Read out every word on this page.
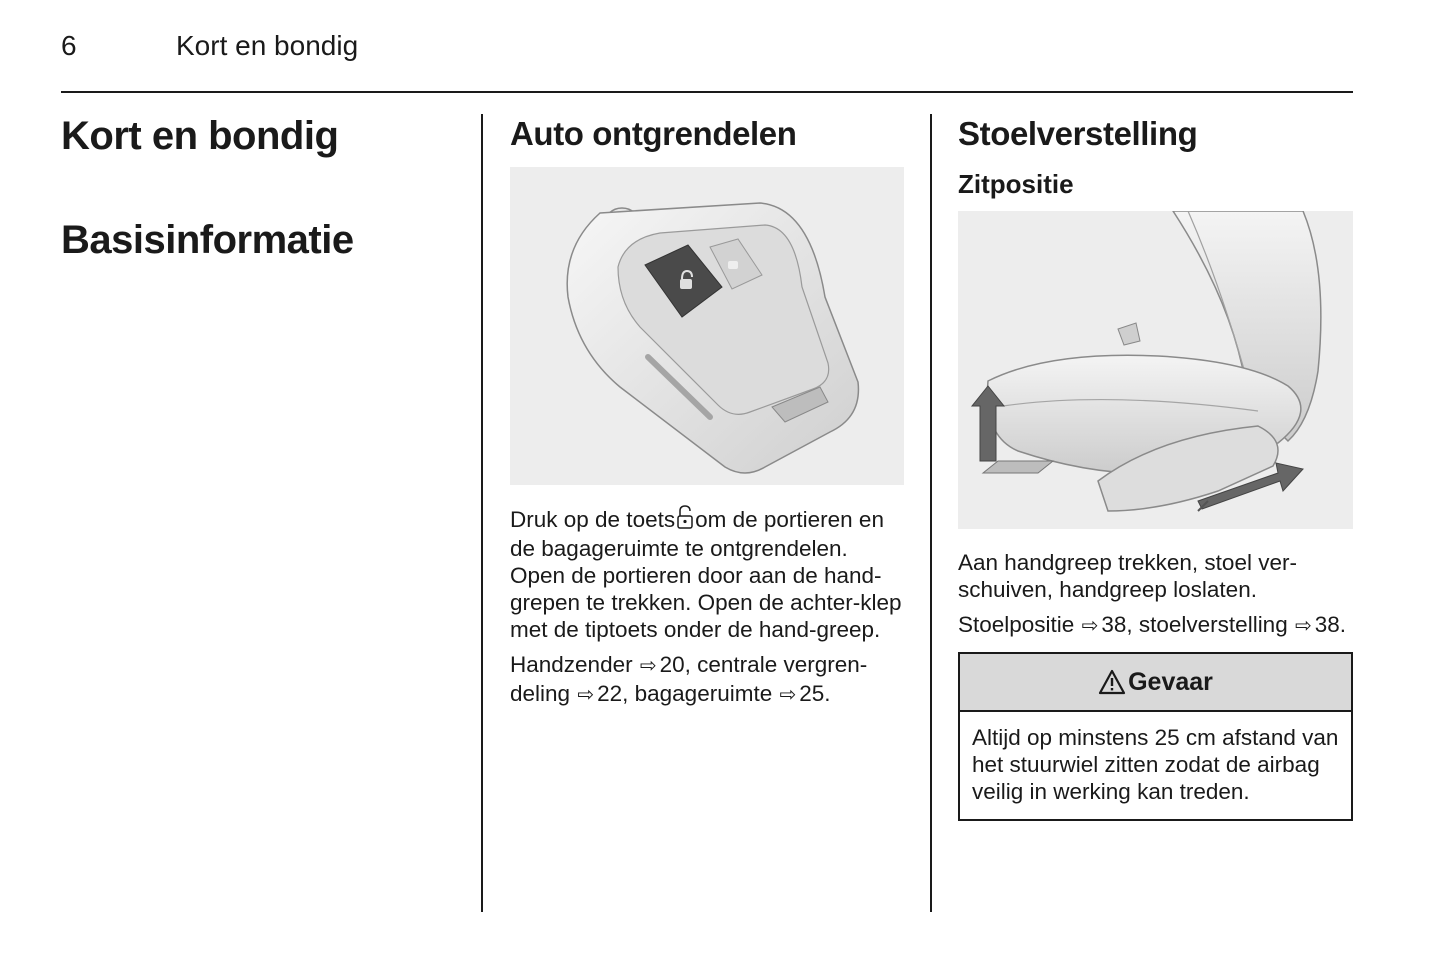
6	Kort en bondig
Kort en bondig
Basisinformatie
Auto ontgrendelen

Druk op de toets om de portieren en de bagageruimte te ontgrendelen. Open de portieren door aan de hand-grepen te trekken. Open de achter-klep met de tiptoets onder de hand-greep.

Handzender ⇨ 20, centrale vergren-deling ⇨ 22, bagageruimte ⇨ 25.

Stoelverstelling
Zitpositie

Aan handgreep trekken, stoel ver-schuiven, handgreep loslaten.

Stoelpositie ⇨ 38, stoelverstelling ⇨ 38.

Gevaar
Altijd op minstens 25 cm afstand van het stuurwiel zitten zodat de airbag veilig in werking kan treden.
